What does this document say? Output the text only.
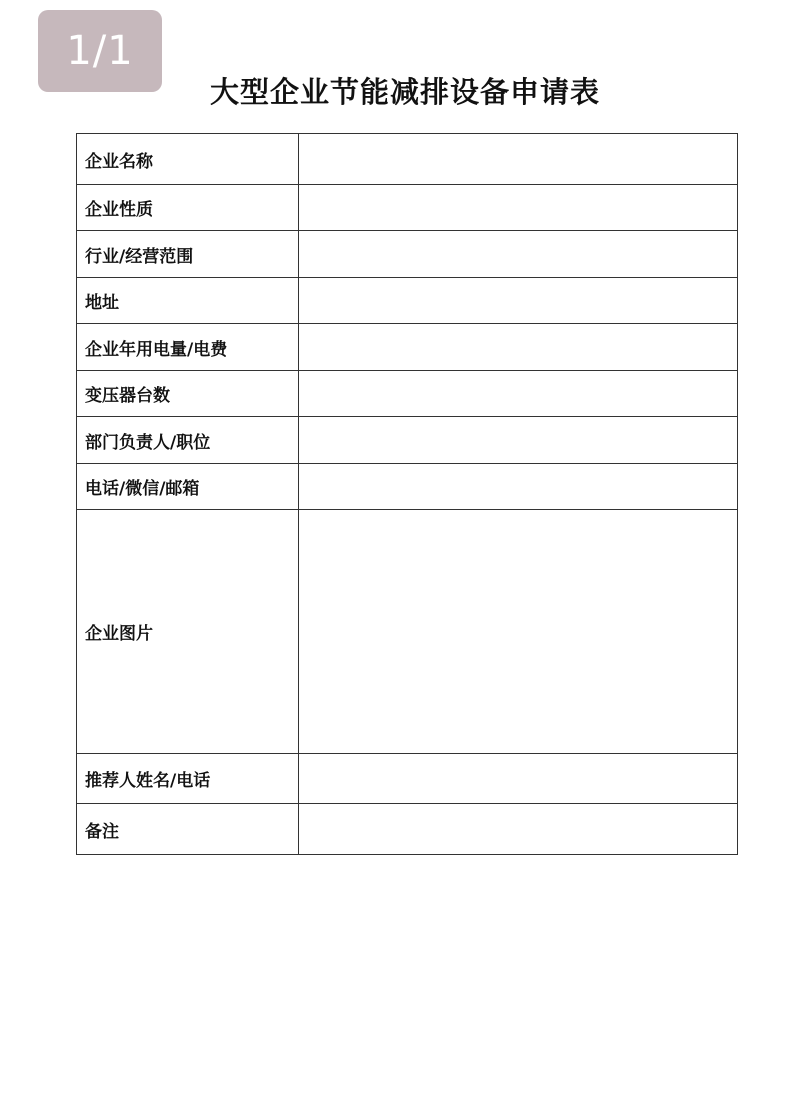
1/1
大型企业节能减排设备申请表
企业名称	
企业性质	
行业/经营范围	
地址	
企业年用电量/电费	
变压器台数	
部门负责人/职位	
电话/微信/邮箱	
企业图片	
推荐人姓名/电话	
备注	
